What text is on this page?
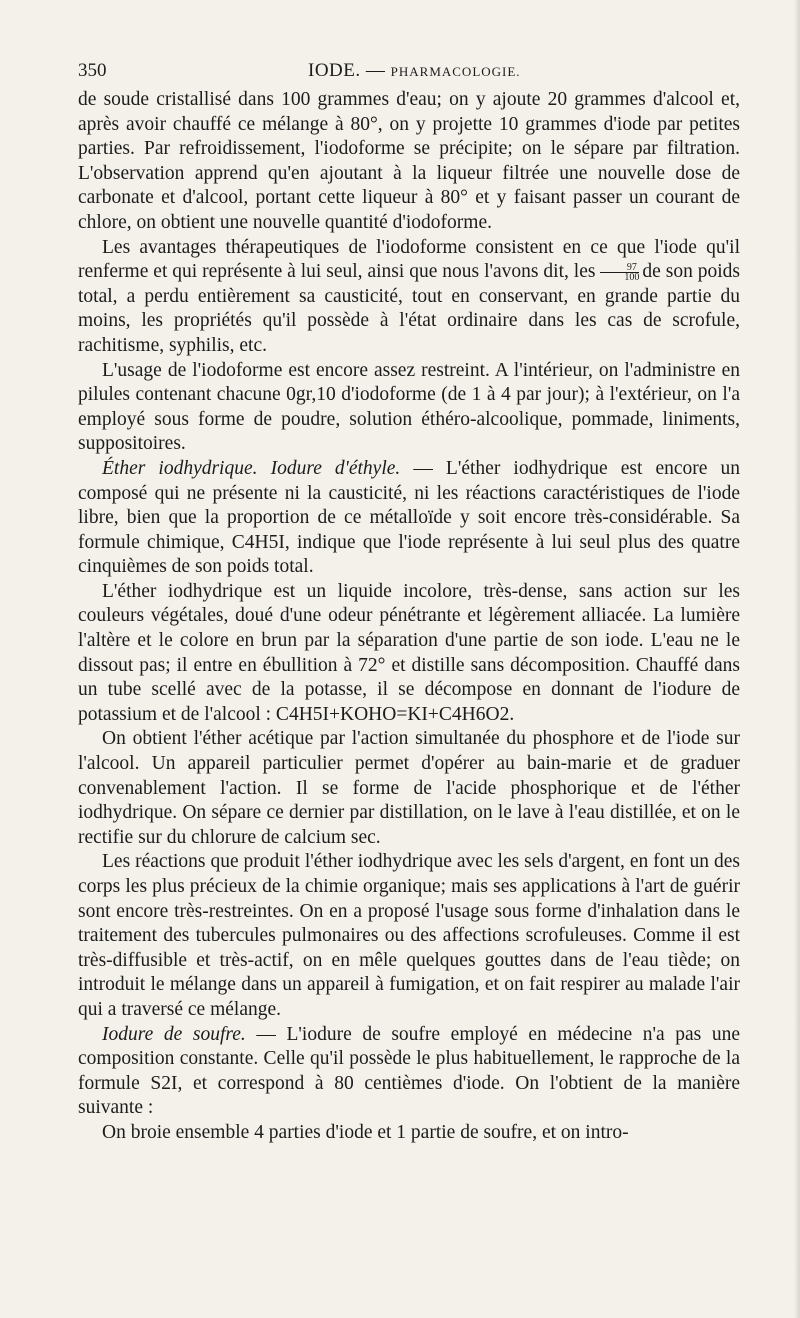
350	IODE. — PHARMACOLOGIE.

de soude cristallisé dans 100 grammes d'eau; on y ajoute 20 grammes d'alcool et, après avoir chauffé ce mélange à 80°, on y projette 10 grammes d'iode par petites parties. Par refroidissement, l'iodoforme se précipite; on le sépare par filtration. L'observation apprend qu'en ajoutant à la liqueur filtrée une nouvelle dose de carbonate et d'alcool, portant cette liqueur à 80° et y faisant passer un courant de chlore, on obtient une nouvelle quantité d'iodoforme.

Les avantages thérapeutiques de l'iodoforme consistent en ce que l'iode qu'il renferme et qui représente à lui seul, ainsi que nous l'avons dit, les $\frac{97}{100}$ de son poids total, a perdu entièrement sa causticité, tout en conservant, en grande partie du moins, les propriétés qu'il possède à l'état ordinaire dans les cas de scrofule, rachitisme, syphilis, etc.

L'usage de l'iodoforme est encore assez restreint. A l'intérieur, on l'administre en pilules contenant chacune 0gr,10 d'iodoforme (de 1 à 4 par jour); à l'extérieur, on l'a employé sous forme de poudre, solution éthéro-alcoolique, pommade, liniments, suppositoires.

Éther iodhydrique. Iodure d'éthyle. — L'éther iodhydrique est encore un composé qui ne présente ni la causticité, ni les réactions caractéristiques de l'iode libre, bien que la proportion de ce métalloïde y soit encore très-considérable. Sa formule chimique, C4H5I, indique que l'iode représente à lui seul plus des quatre cinquièmes de son poids total.

L'éther iodhydrique est un liquide incolore, très-dense, sans action sur les couleurs végétales, doué d'une odeur pénétrante et légèrement alliacée. La lumière l'altère et le colore en brun par la séparation d'une partie de son iode. L'eau ne le dissout pas; il entre en ébullition à 72° et distille sans décomposition. Chauffé dans un tube scellé avec de la potasse, il se décompose en donnant de l'iodure de potassium et de l'alcool : C4H5I+KOHO=KI+C4H6O2.

On obtient l'éther acétique par l'action simultanée du phosphore et de l'iode sur l'alcool. Un appareil particulier permet d'opérer au bain-marie et de graduer convenablement l'action. Il se forme de l'acide phosphorique et de l'éther iodhydrique. On sépare ce dernier par distillation, on le lave à l'eau distillée, et on le rectifie sur du chlorure de calcium sec.

Les réactions que produit l'éther iodhydrique avec les sels d'argent, en font un des corps les plus précieux de la chimie organique; mais ses applications à l'art de guérir sont encore très-restreintes. On en a proposé l'usage sous forme d'inhalation dans le traitement des tubercules pulmonaires ou des affections scrofuleuses. Comme il est très-diffusible et très-actif, on en mêle quelques gouttes dans de l'eau tiède; on introduit le mélange dans un appareil à fumigation, et on fait respirer au malade l'air qui a traversé ce mélange.

Iodure de soufre. — L'iodure de soufre employé en médecine n'a pas une composition constante. Celle qu'il possède le plus habituellement, le rapproche de la formule S2I, et correspond à 80 centièmes d'iode. On l'obtient de la manière suivante :

On broie ensemble 4 parties d'iode et 1 partie de soufre, et on intro-
